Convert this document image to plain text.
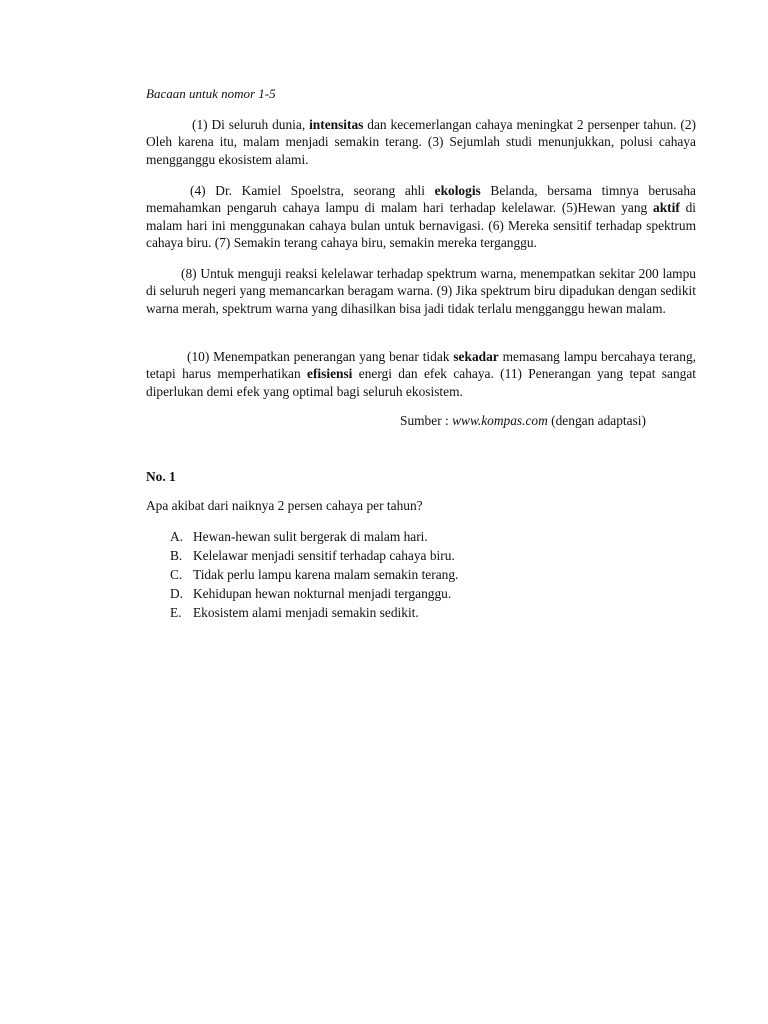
Bacaan untuk nomor 1-5

(1) Di seluruh dunia, intensitas dan kecemerlangan cahaya meningkat 2 persenper tahun. (2) Oleh karena itu, malam menjadi semakin terang. (3) Sejumlah studi menunjukkan, polusi cahaya mengganggu ekosistem alami.

(4) Dr. Kamiel Spoelstra, seorang ahli ekologis Belanda, bersama timnya berusaha memahamkan pengaruh cahaya lampu di malam hari terhadap kelelawar. (5)Hewan yang aktif di malam hari ini menggunakan cahaya bulan untuk bernavigasi. (6) Mereka sensitif terhadap spektrum cahaya biru. (7) Semakin terang cahaya biru, semakin mereka terganggu.

(8) Untuk menguji reaksi kelelawar terhadap spektrum warna, menempatkan sekitar 200 lampu di seluruh negeri yang memancarkan beragam warna. (9) Jika spektrum biru dipadukan dengan sedikit warna merah, spektrum warna yang dihasilkan bisa jadi tidak terlalu mengganggu hewan malam.

(10) Menempatkan penerangan yang benar tidak sekadar memasang lampu bercahaya terang, tetapi harus memperhatikan efisiensi energi dan efek cahaya. (11) Penerangan yang tepat sangat diperlukan demi efek yang optimal bagi seluruh ekosistem.

Sumber : www.kompas.com (dengan adaptasi)

No. 1

Apa akibat dari naiknya 2 persen cahaya per tahun?

A. Hewan-hewan sulit bergerak di malam hari.
B. Kelelawar menjadi sensitif terhadap cahaya biru.
C. Tidak perlu lampu karena malam semakin terang.
D. Kehidupan hewan nokturnal menjadi terganggu.
E. Ekosistem alami menjadi semakin sedikit.
